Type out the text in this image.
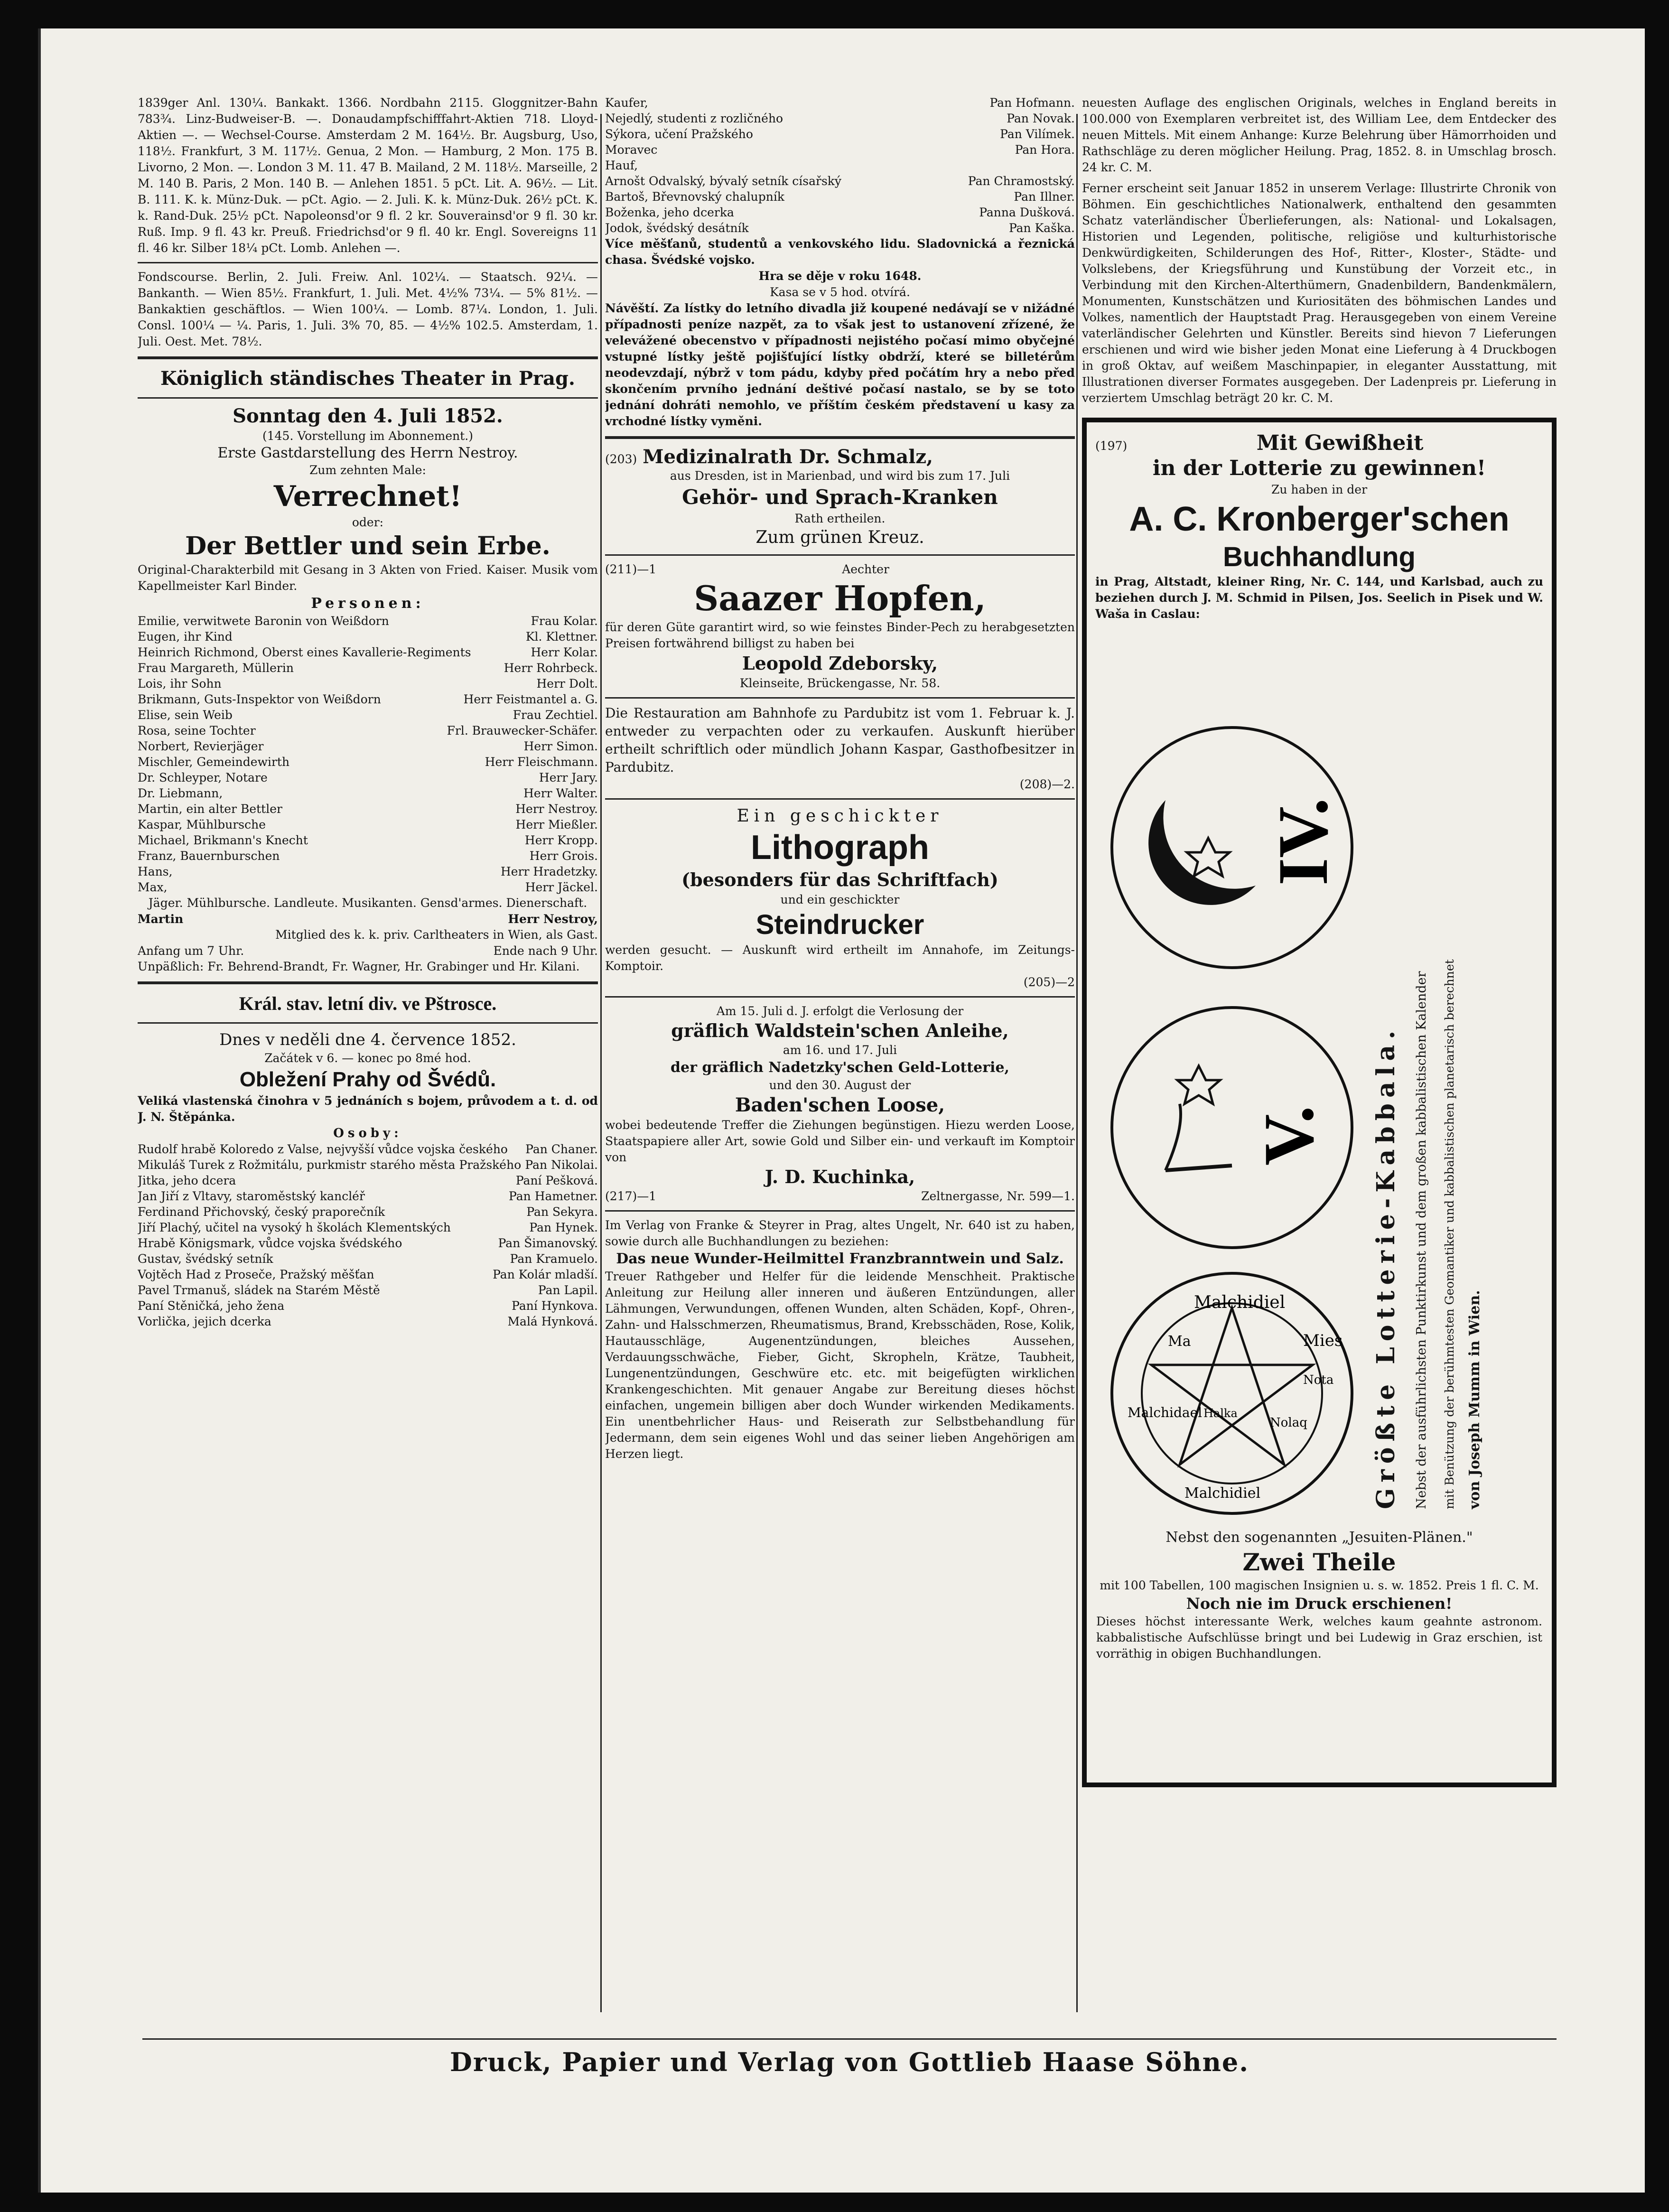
1839ger Anl. 130¼. Bankakt. 1366. Nordbahn 2115. Gloggnitzer-Bahn 783¾. Linz-Budweiser-B. —. Donaudampfschifffahrt-Aktien 718. Lloyd-Aktien —. — Wechsel-Course. Amsterdam 2 M. 164½. Br. Augsburg, Uso, 118½. Frankfurt, 3 M. 117½. Genua, 2 Mon. — Hamburg, 2 Mon. 175 B. Livorno, 2 Mon. —. London 3 M. 11. 47 B. Mailand, 2 M. 118½. Marseille, 2 M. 140 B. Paris, 2 Mon. 140 B. — Anlehen 1851. 5 pCt. Lit. A. 96½. — Lit. B. 111. K. k. Münz-Duk. — pCt. Agio. — 2. Juli. K. k. Münz-Duk. 26½ pCt. K. k. Rand-Duk. 25½ pCt. Napoleonsd'or 9 fl. 2 kr. Souverainsd'or 9 fl. 30 kr. Ruß. Imp. 9 fl. 43 kr. Preuß. Friedrichsd'or 9 fl. 40 kr. Engl. Sovereigns 11 fl. 46 kr. Silber 18¼ pCt. Lomb. Anlehen —.

Fondscourse. Berlin, 2. Juli. Freiw. Anl. 102¼. — Staatsch. 92¼. — Bankanth. — Wien 85½. Frankfurt, 1. Juli. Met. 4½% 73¼. — 5% 81½. — Bankaktien geschäftlos. — Wien 100¼. — Lomb. 87¼. London, 1. Juli. Consl. 100¼ — ¼. Paris, 1. Juli. 3% 70, 85. — 4½% 102.5. Amsterdam, 1. Juli. Oest. Met. 78½.

Königlich ständisches Theater in Prag.
Sonntag den 4. Juli 1852.
(145. Vorstellung im Abonnement.)
Erste Gastdarstellung des Herrn Nestroy.
Zum zehnten Male:
Verrechnet!
oder:
Der Bettler und sein Erbe.

Original-Charakterbild mit Gesang in 3 Akten von Fried. Kaiser. Musik vom Kapellmeister Karl Binder.

Personen:
Emilie, verwitwete Baronin von Weißdorn	Frau Kolar.
Eugen, ihr Kind	Kl. Klettner.
Heinrich Richmond, Oberst eines Kavallerie-Regiments	Herr Kolar.
Frau Margareth, Müllerin	Herr Rohrbeck.
Lois, ihr Sohn	Herr Dolt.
Brikmann, Guts-Inspektor von Weißdorn	Herr Feistmantel a. G.
Elise, sein Weib	Frau Zechtiel.
Rosa, seine Tochter	Frl. Brauwecker-Schäfer.
Norbert, Revierjäger	Herr Simon.
Mischler, Gemeindewirth	Herr Fleischmann.
Dr. Schleyper, Notare	Herr Jary.
Dr. Liebmann,	Herr Walter.
Martin, ein alter Bettler	Herr Nestroy.
Kaspar, Mühlbursche	Herr Mießler.
Michael, Brikmann's Knecht	Herr Kropp.
Franz, Bauernburschen	Herr Grois.
Hans,	Herr Hradetzky.
Max,	Herr Jäckel.

Jäger. Mühlbursche. Landleute. Musikanten. Gensd'armes. Dienerschaft.

Martin	Herr Nestroy,

Mitglied des k. k. priv. Carltheaters in Wien, als Gast.

Anfang um 7 Uhr.	Ende nach 9 Uhr.

Unpäßlich: Fr. Behrend-Brandt, Fr. Wagner, Hr. Grabinger und Hr. Kilani.

Král. stav. letní div. ve Pštrosce.
Dnes v neděli dne 4. července 1852.
Začátek v 6. — konec po 8mé hod.
Obležení Prahy od Švédů.

Veliká vlastenská činohra v 5 jednáních s bojem, průvodem a t. d. od J. N. Štěpánka.

Osoby:
Rudolf hrabě Koloredo z Valse, nejvyšší vůdce vojska českého	Pan Chaner.
Mikuláš Turek z Rožmitálu, purkmistr starého města Pražského Pan Nikolai.
Jitka, jeho dcera	Paní Pešková.
Jan Jiří z Vltavy, staroměstský kancléř	Pan Hametner.
Ferdinand Přichovský, český praporečník	Pan Sekyra.
Jiří Plachý, učitel na vysoký h školách Klementských	Pan Hynek.
Hrabě Königsmark, vůdce vojska švédského	Pan Šimanovský.
Gustav, švédský setník	Pan Kramuelo.
Vojtěch Had z Proseče, Pražský měšťan	Pan Kolár mladší.
Pavel Trmanuš, sládek na Starém Městě	Pan Lapil.
Paní Stěničká, jeho žena	Paní Hynkova.
Vorlička, jejich dcerka	Malá Hynková.
Kaufer,	Pan Hofmann.
Nejedlý, studenti z rozličného	Pan Novak.
Sýkora, učení Pražského	Pan Vilímek.
Moravec	Pan Hora.
Hauf,
Arnošt Odvalský, bývalý setník císařský	Pan Chramostský.
Bartoš, Břevnovský chalupník	Pan Illner.
Boženka, jeho dcerka	Panna Dušková.
Jodok, švédský desátník	Pan Kaška.

Více měšťanů, studentů a venkovského lidu. Sladovnická a řeznická chasa. Švédské vojsko.

Hra se děje v roku 1648.
Kasa se v 5 hod. otvírá.

Návěští. Za lístky do letního divadla již koupené nedávají se v nižádné případnosti peníze nazpět, za to však jest to ustanovení zřízené, že velevážené obecenstvo v případnosti nejistého počasí mimo obyčejné vstupné lístky ještě pojišťující lístky obdrží, které se billetérům neodevzdají, nýbrž v tom pádu, kdyby před počátím hry a nebo před skončením prvního jednání deštivé počasí nastalo, se by se toto jednání dohráti nemohlo, ve příštím českém představení u kasy za vrchodné lístky vyměni.

(203) Medizinalrath Dr. Schmalz,

aus Dresden, ist in Marienbad, und wird bis zum 17. Juli

Gehör- und Sprach-Kranken
Rath ertheilen.
Zum grünen Kreuz.
(211)—1	Aechter
Saazer Hopfen,

für deren Güte garantirt wird, so wie feinstes Binder-Pech zu herabgesetzten Preisen fortwährend billigst zu haben bei

Leopold Zdeborsky,
Kleinseite, Brückengasse, Nr. 58.

Die Restauration am Bahnhofe zu Pardubitz ist vom 1. Februar k. J. entweder zu verpachten oder zu verkaufen. Auskunft hierüber ertheilt schriftlich oder mündlich Johann Kaspar, Gasthofbesitzer in Pardubitz.

(208)—2.
Ein geschickter
Lithograph
(besonders für das Schriftfach)
und ein geschickter
Steindrucker

werden gesucht. — Auskunft wird ertheilt im Annahofe, im Zeitungs-Komptoir.

(205)—2
Am 15. Juli d. J. erfolgt die Verlosung der
gräflich Waldstein'schen Anleihe,
am 16. und 17. Juli
der gräflich Nadetzky'schen Geld-Lotterie,
und den 30. August der
Baden'schen Loose,

wobei bedeutende Treffer die Ziehungen begünstigen. Hiezu werden Loose, Staatspapiere aller Art, sowie Gold und Silber ein- und verkauft im Komptoir von

J. D. Kuchinka,
(217)—1	Zeltnergasse, Nr. 599—1.

Im Verlag von Franke & Steyrer in Prag, altes Ungelt, Nr. 640 ist zu haben, sowie durch alle Buchhandlungen zu beziehen:

Das neue Wunder-Heilmittel Franzbranntwein und Salz.

Treuer Rathgeber und Helfer für die leidende Menschheit. Praktische Anleitung zur Heilung aller inneren und äußeren Entzündungen, aller Lähmungen, Verwundungen, offenen Wunden, alten Schäden, Kopf-, Ohren-, Zahn- und Halsschmerzen, Rheumatismus, Brand, Krebsschäden, Rose, Kolik, Hautausschläge, Augenentzündungen, bleiches Aussehen, Verdauungsschwäche, Fieber, Gicht, Skropheln, Krätze, Taubheit, Lungenentzündungen, Geschwüre etc. etc. mit beigefügten wirklichen Krankengeschichten. Mit genauer Angabe zur Bereitung dieses höchst einfachen, ungemein billigen aber doch Wunder wirkenden Medikaments. Ein unentbehrlicher Haus- und Reiserath zur Selbstbehandlung für Jedermann, dem sein eigenes Wohl und das seiner lieben Angehörigen am Herzen liegt.

neuesten Auflage des englischen Originals, welches in England bereits in 100.000 von Exemplaren verbreitet ist, des William Lee, dem Entdecker des neuen Mittels. Mit einem Anhange: Kurze Belehrung über Hämorrhoiden und Rathschläge zu deren möglicher Heilung. Prag, 1852. 8. in Umschlag brosch. 24 kr. C. M.

Ferner erscheint seit Januar 1852 in unserem Verlage: Illustrirte Chronik von Böhmen. Ein geschichtliches Nationalwerk, enthaltend den gesammten Schatz vaterländischer Überlieferungen, als: National- und Lokalsagen, Historien und Legenden, politische, religiöse und kulturhistorische Denkwürdigkeiten, Schilderungen des Hof-, Ritter-, Kloster-, Städte- und Volkslebens, der Kriegsführung und Kunstübung der Vorzeit etc., in Verbindung mit den Kirchen-Alterthümern, Gnadenbildern, Bandenkmälern, Monumenten, Kunstschätzen und Kuriositäten des böhmischen Landes und Volkes, namentlich der Hauptstadt Prag. Herausgegeben von einem Vereine vaterländischer Gelehrten und Künstler. Bereits sind hievon 7 Lieferungen erschienen und wird wie bisher jeden Monat eine Lieferung à 4 Druckbogen in groß Oktav, auf weißem Maschinpapier, in eleganter Ausstattung, mit Illustrationen diverser Formates ausgegeben. Der Ladenpreis pr. Lieferung in verziertem Umschlag beträgt 20 kr. C. M.

(197)	Mit Gewißheit
in der Lotterie zu gewinnen!
Zu haben in der
A. C. Kronberger'schen
Buchhandlung

in Prag, Altstadt, kleiner Ring, Nr. C. 144, und Karlsbad, auch zu beziehen durch J. M. Schmid in Pilsen, Jos. Seelich in Pisek und W. Waša in Caslau:

IV.
V.
Malchidiel
Mies
Ma
Nolaq
Malchidiel
Halka
Malchidael
Nota Größte Lotterie-Kabbala. Nebst der ausführlichsten Punktirkunst und dem großen kabbalistischen Kalender mit Benützung der berühmtesten Geomantiker und kabbalistischen planetarisch berechnet von Joseph Mumm in Wien.
Nebst den sogenannten „Jesuiten-Plänen."
Zwei Theile

mit 100 Tabellen, 100 magischen Insignien u. s. w. 1852. Preis 1 fl. C. M.

Noch nie im Druck erschienen!

Dieses höchst interessante Werk, welches kaum geahnte astronom. kabbalistische Aufschlüsse bringt und bei Ludewig in Graz erschien, ist vorräthig in obigen Buchhandlungen.

Druck, Papier und Verlag von Gottlieb Haase Söhne.
